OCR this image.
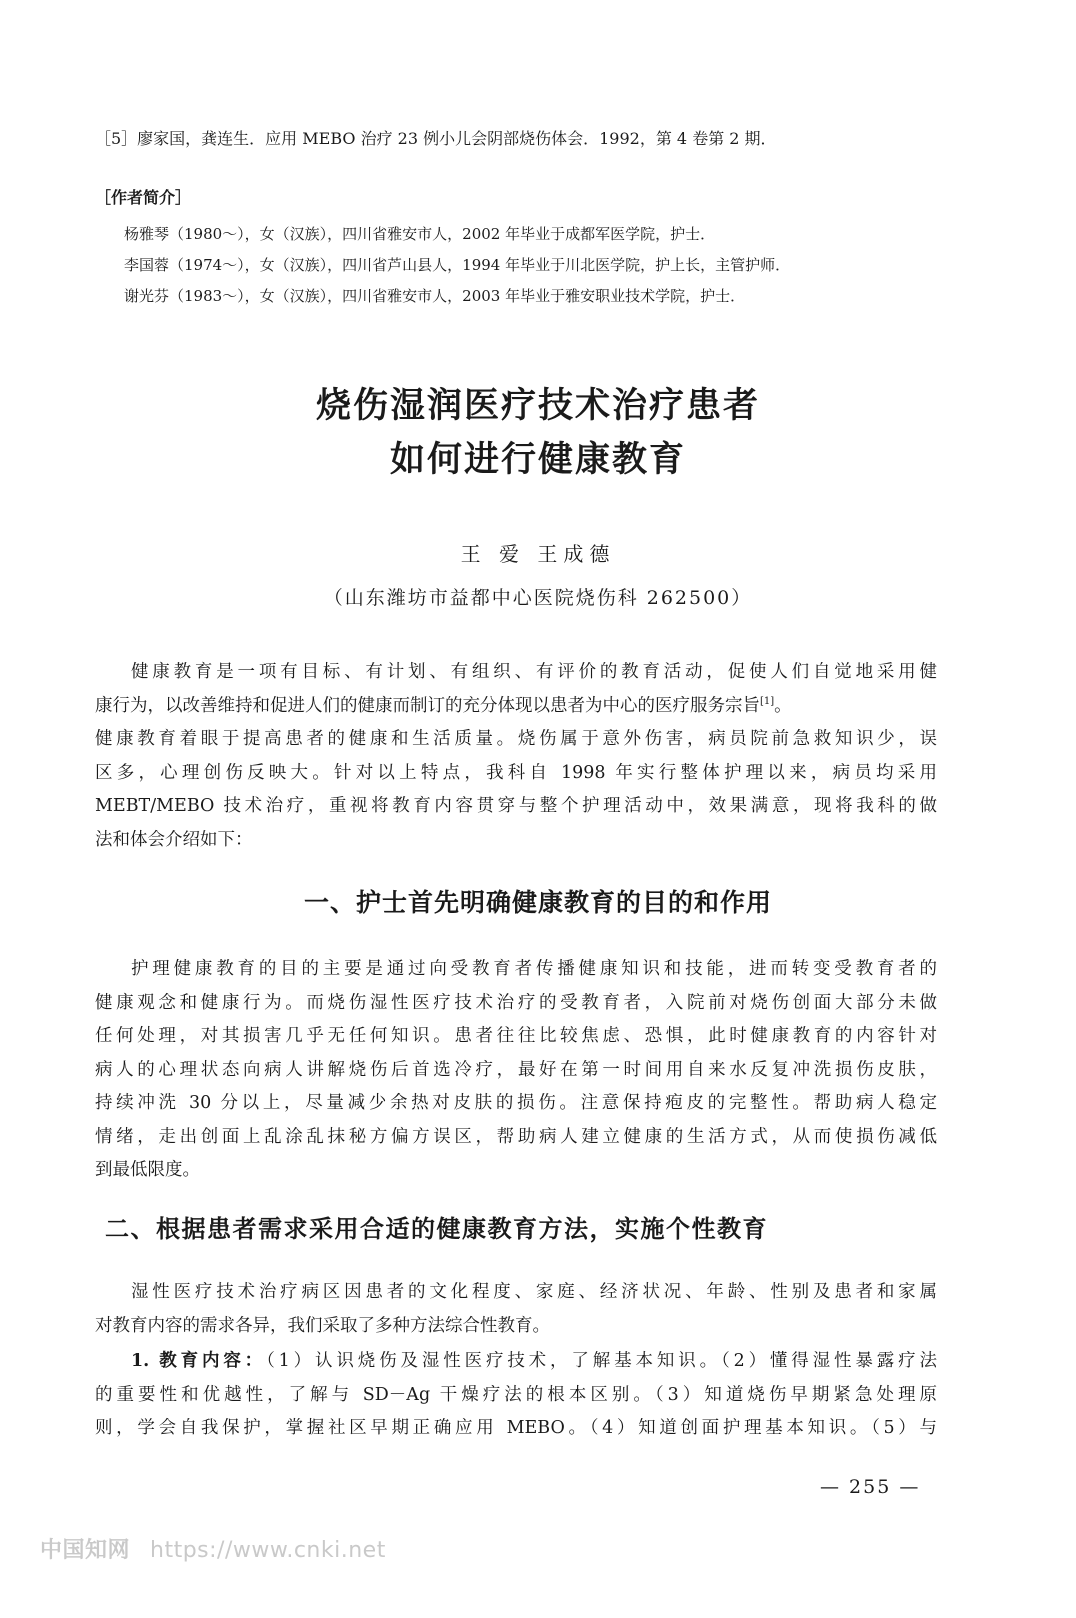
［5］廖家国，龚连生．应用 MEBO 治疗 23 例小儿会阴部烧伤体会．1992，第 4 卷第 2 期．
［作者简介］
杨雅琴（1980～），女（汉族），四川省雅安市人，2002 年毕业于成都军医学院，护士．
李国蓉（1974～），女（汉族），四川省芦山县人，1994 年毕业于川北医学院，护上长，主管护师．
谢光芬（1983～），女（汉族），四川省雅安市人，2003 年毕业于雅安职业技术学院，护士．
烧伤湿润医疗技术治疗患者
如何进行健康教育
王 爱 王成德
（山东潍坊市益都中心医院烧伤科 262500）
健康教育是一项有目标、有计划、有组织、有评价的教育活动，促使人们自觉地采用健
康行为，以改善维持和促进人们的健康而制订的充分体现以患者为中心的医疗服务宗旨[1]。
健康教育着眼于提高患者的健康和生活质量。烧伤属于意外伤害，病员院前急救知识少，误
区多，心理创伤反映大。针对以上特点，我科自 1998 年实行整体护理以来，病员均采用
MEBT/MEBO 技术治疗，重视将教育内容贯穿与整个护理活动中，效果满意，现将我科的做
法和体会介绍如下：
一、护士首先明确健康教育的目的和作用
护理健康教育的目的主要是通过向受教育者传播健康知识和技能，进而转变受教育者的
健康观念和健康行为。而烧伤湿性医疗技术治疗的受教育者，入院前对烧伤创面大部分未做
任何处理，对其损害几乎无任何知识。患者往往比较焦虑、恐惧，此时健康教育的内容针对
病人的心理状态向病人讲解烧伤后首选冷疗，最好在第一时间用自来水反复冲洗损伤皮肤，
持续冲洗 30 分以上，尽量减少余热对皮肤的损伤。注意保持疱皮的完整性。帮助病人稳定
情绪，走出创面上乱涂乱抹秘方偏方误区，帮助病人建立健康的生活方式，从而使损伤减低
到最低限度。
二、根据患者需求采用合适的健康教育方法，实施个性教育
湿性医疗技术治疗病区因患者的文化程度、家庭、经济状况、年龄、性别及患者和家属
对教育内容的需求各异，我们采取了多种方法综合性教育。
1. 教育内容：（1）认识烧伤及湿性医疗技术，了解基本知识。（2）懂得湿性暴露疗法
的重要性和优越性，了解与 SD－Ag 干燥疗法的根本区别。（3）知道烧伤早期紧急处理原
则，学会自我保护，掌握社区早期正确应用 MEBO。（4）知道创面护理基本知识。（5）与
— 255 —
中国知网 https://www.cnki.net
